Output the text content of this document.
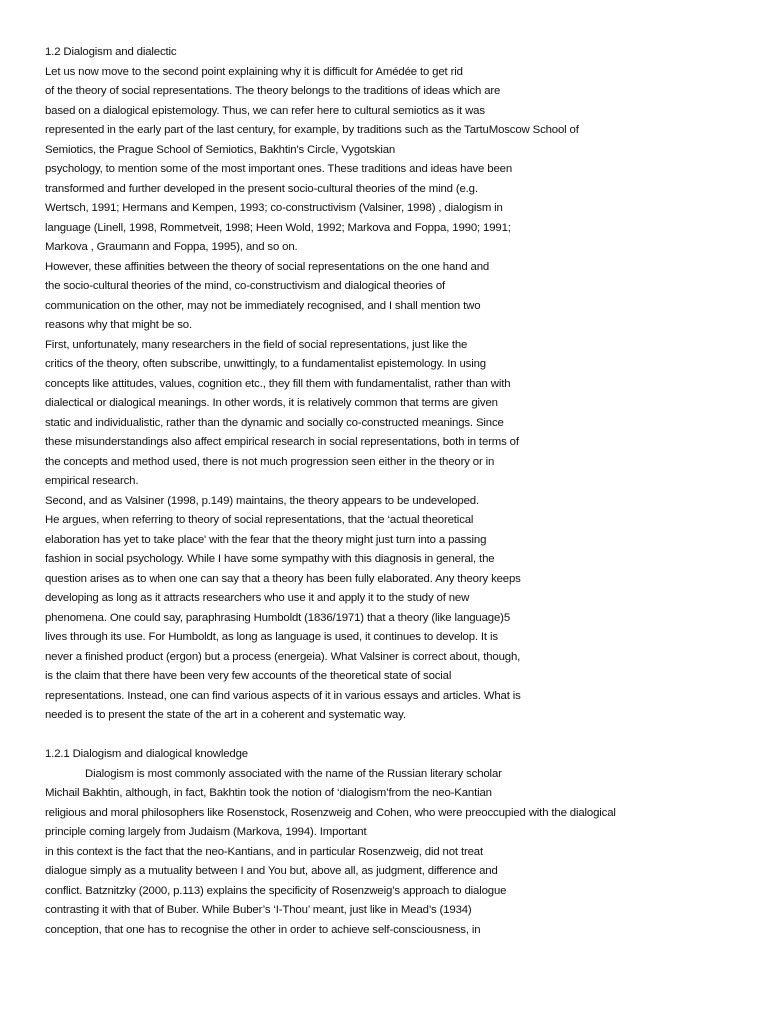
1.2 Dialogism and dialectic
Let us now move to the second point explaining why it is difficult for Amédée to get rid
of the theory of social representations. The theory belongs to the traditions of ideas which are
based on a dialogical epistemology. Thus, we can refer here to cultural semiotics as it was
represented in the early part of the last century, for example, by traditions such as the TartuMoscow School of
Semiotics, the Prague School of Semiotics, Bakhtin's Circle, Vygotskian
psychology, to mention some of the most important ones. These traditions and ideas have been
transformed and further developed in the present socio-cultural theories of the mind (e.g.
Wertsch, 1991; Hermans and Kempen, 1993; co-constructivism (Valsiner, 1998) , dialogism in
language (Linell, 1998, Rommetveit, 1998; Heen Wold, 1992; Markova and Foppa, 1990; 1991;
Markova , Graumann and Foppa, 1995), and so on.
However, these affinities between the theory of social representations on the one hand and
the socio-cultural theories of the mind, co-constructivism and dialogical theories of
communication on the other, may not be immediately recognised, and I shall mention two
reasons why that might be so.
First, unfortunately, many researchers in the field of social representations, just like the
critics of the theory, often subscribe, unwittingly, to a fundamentalist epistemology. In using
concepts like attitudes, values, cognition etc., they fill them with fundamentalist, rather than with
dialectical or dialogical meanings. In other words, it is relatively common that terms are given
static and individualistic, rather than the dynamic and socially co-constructed meanings. Since
these misunderstandings also affect empirical research in social representations, both in terms of
the concepts and method used, there is not much progression seen either in the theory or in
empirical research.
Second, and as Valsiner (1998, p.149) maintains, the theory appears to be undeveloped.
He argues, when referring to theory of social representations, that the ‘actual theoretical
elaboration has yet to take place' with the fear that the theory might just turn into a passing
fashion in social psychology. While I have some sympathy with this diagnosis in general, the
question arises as to when one can say that a theory has been fully elaborated. Any theory keeps
developing as long as it attracts researchers who use it and apply it to the study of new
phenomena. One could say, paraphrasing Humboldt (1836/1971) that a theory (like language)5
lives through its use. For Humboldt, as long as language is used, it continues to develop. It is
never a finished product (ergon) but a process (energeia). What Valsiner is correct about, though,
is the claim that there have been very few accounts of the theoretical state of social
representations. Instead, one can find various aspects of it in various essays and articles. What is
needed is to present the state of the art in a coherent and systematic way.
1.2.1 Dialogism and dialogical knowledge
Dialogism is most commonly associated with the name of the Russian literary scholar
Michail Bakhtin, although, in fact, Bakhtin took the notion of ‘dialogism’from the neo-Kantian
religious and moral philosophers like Rosenstock, Rosenzweig and Cohen, who were preoccupied with the dialogical
principle coming largely from Judaism (Markova, 1994). Important
in this context is the fact that the neo-Kantians, and in particular Rosenzweig, did not treat
dialogue simply as a mutuality between I and You but, above all, as judgment, difference and
conflict. Batznitzky (2000, p.113) explains the specificity of Rosenzweig’s approach to dialogue
contrasting it with that of Buber. While Buber’s ‘I-Thou’ meant, just like in Mead’s (1934)
conception, that one has to recognise the other in order to achieve self-consciousness, in
